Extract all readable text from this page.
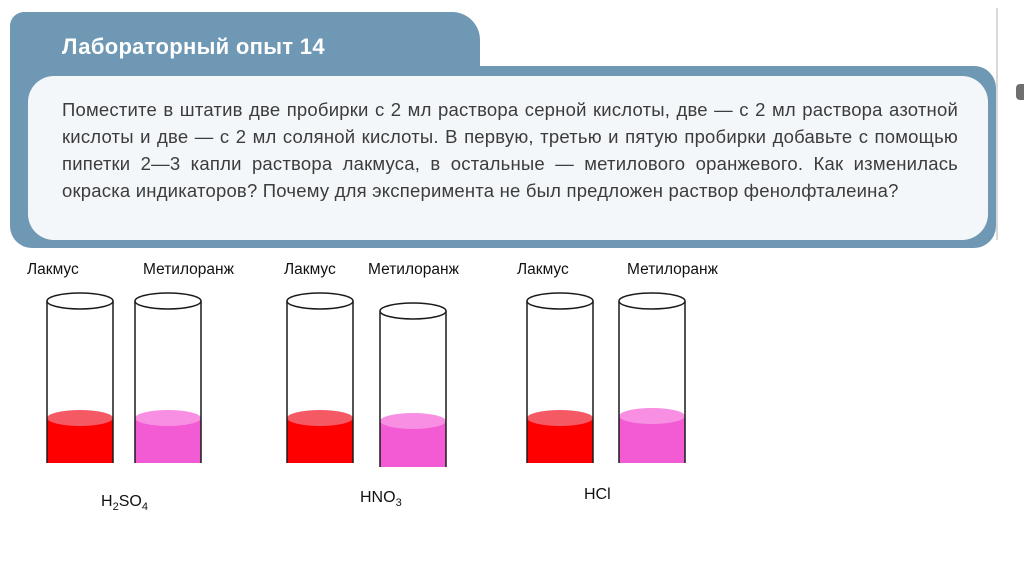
Лабораторный опыт 14

Поместите в штатив две пробирки с 2 мл раствора серной кислоты, две — с 2 мл раствора азотной кислоты и две — с 2 мл соляной кислоты. В первую, третью и пятую пробирки добавьте с помощью пипетки 2—3 капли раствора лакмуса, в остальные — метилового оранжевого. Как изменилась окраска индикаторов? Почему для эксперимента не был предложен раствор фенолфталеина?

Лакмус	Метилоранж	Лакмус Метилоранж	Лакмус	Метилоранж
$H_2SO_4$
$HNO_3$
HCl
